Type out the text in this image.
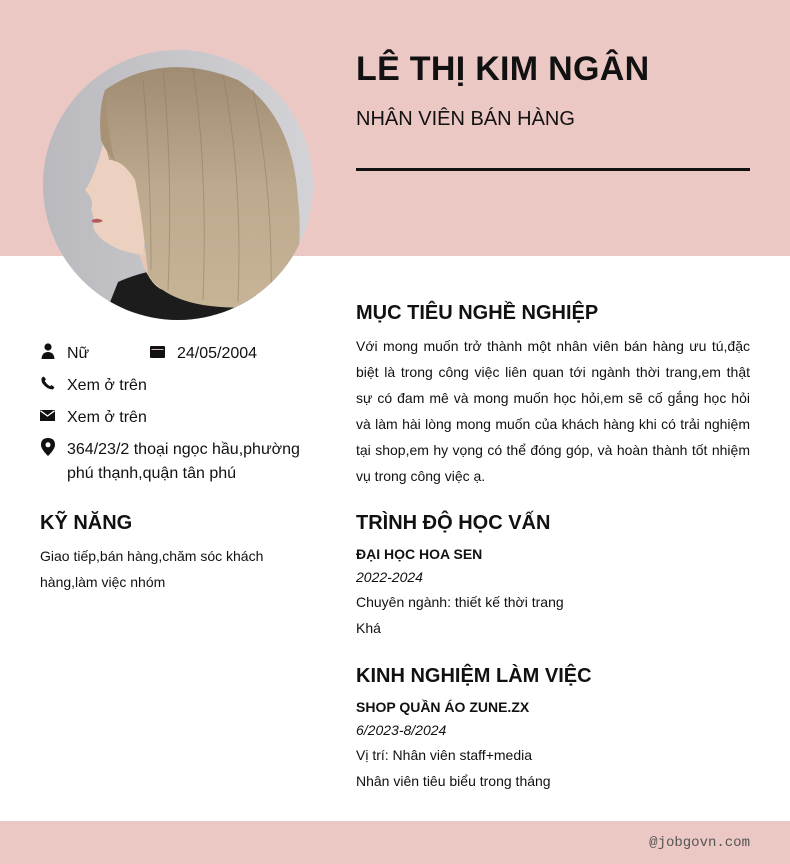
LÊ THỊ KIM NGÂN
NHÂN VIÊN BÁN HÀNG
Nữ	24/05/2004
Xem ở trên
Xem ở trên
364/23/2 thoại ngọc hầu,phường
phú thạnh,quận tân phú
KỸ NĂNG
Giao tiếp,bán hàng,chăm sóc khách hàng,làm việc nhóm
MỤC TIÊU NGHỀ NGHIỆP
Với mong muốn trở thành một nhân viên bán hàng ưu tú,đặc biệt là trong công việc liên quan tới ngành thời trang,em thật sự có đam mê và mong muốn học hỏi,em sẽ cố gắng học hỏi và làm hài lòng mong muốn của khách hàng khi có trải nghiệm tại shop,em hy vọng có thể đóng góp, và hoàn thành tốt nhiệm vụ trong công việc ạ.
TRÌNH ĐỘ HỌC VẤN
ĐẠI HỌC HOA SEN
2022-2024
Chuyên ngành: thiết kế thời trang
Khá
KINH NGHIỆM LÀM VIỆC
SHOP QUẦN ÁO ZUNE.ZX
6/2023-8/2024
Vị trí: Nhân viên staff+media
Nhân viên tiêu biểu trong tháng
@jobgovn.com
